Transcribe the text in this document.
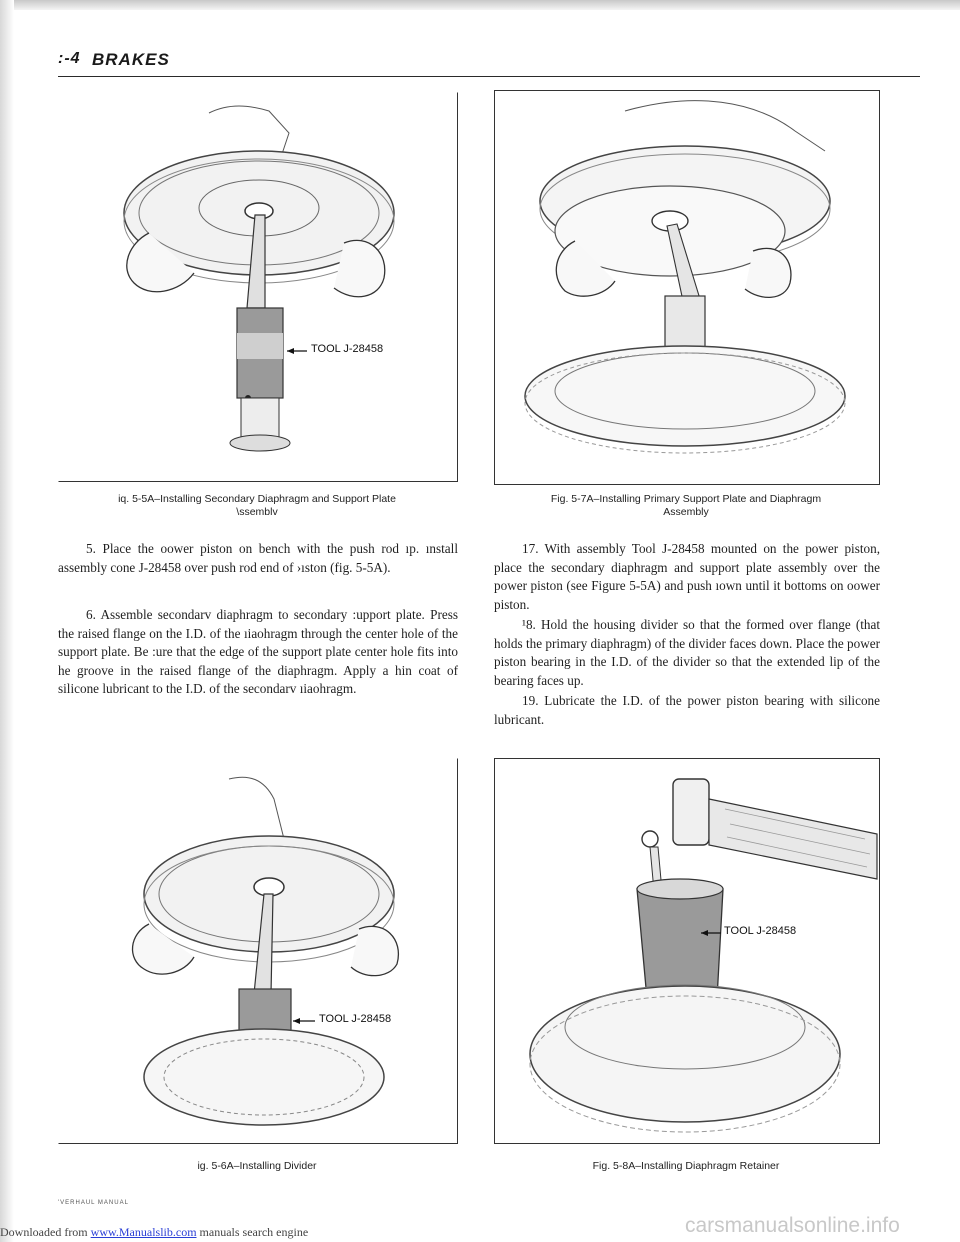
:-4 BRAKES
TOOL J-28458
iq. 5-5A–Installing Secondary Diaphragm and Support Plate
\ssemblv
Fig. 5-7A–Installing Primary Support Plate and Diaphragm
Assembly

5. Place the oower piston on bench with the push rod ıp. ınstall assembly cone J-28458 over push rod end of ›ıston (fig. 5-5A).

6. Assemble secondarv diaphragm to secondary :upport plate. Press the raised flange on the I.D. of the ıiaohragm through the center hole of the support plate. Be :ure that the edge of the support plate center hole fits into he groove in the raised flange of the diaphragm. Apply a hin coat of silicone lubricant to the I.D. of the secondarv ıiaohragm.

17. With assembly Tool J-28458 mounted on the power piston, place the secondary diaphragm and support plate assembly over the power piston (see Figure 5-5A) and push ıown until it bottoms on oower piston.

¹8. Hold the housing divider so that the formed over flange (that holds the primary diaphragm) of the divider faces down. Place the power piston bearing in the I.D. of the divider so that the extended lip of the bearing faces up.

19. Lubricate the I.D. of the power piston bearing with silicone lubricant.

TOOL J-28458
ig. 5-6A–Installing Divider
TOOL J-28458
Fig. 5-8A–Installing Diaphragm Retainer
'VERHAUL MANUAL
Downloaded from www.Manualslib.com manuals search engine	carsmanualsonline.info
